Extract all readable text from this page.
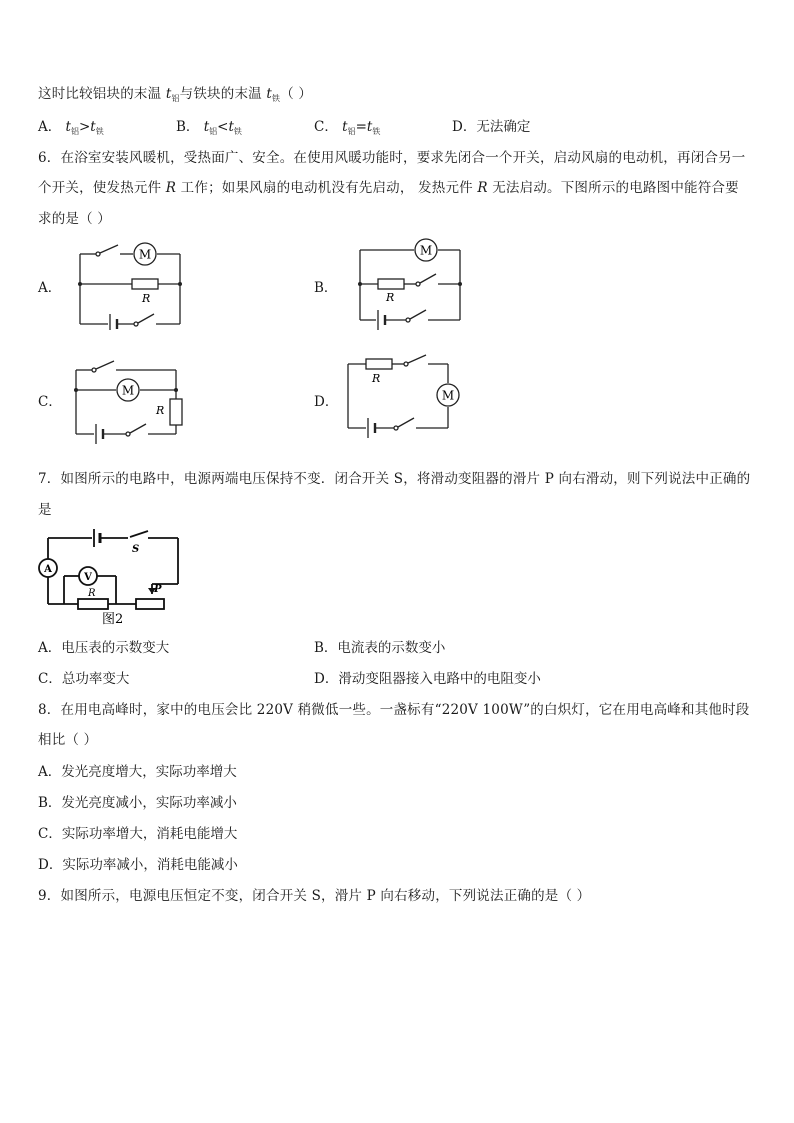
这时比较铝块的末温 $t_铝$与铁块的末温 $t_铁$（ ）
A． $t_铝>t_铁$	B． $t_铝<t_铁$	C． $t_铝=t_铁$	D．无法确定
6．在浴室安装风暖机，受热面广、安全。在使用风暖功能时，要求先闭合一个开关，启动风扇的电动机，再闭合另一
个开关，使发热元件 R 工作；如果风扇的电动机没有先启动， 发热元件 R 无法启动。下图所示的电路图中能符合要
求的是（ ）
A．	B．
C．	D．
M
R
M
R
M
R
M
R
7．如图所示的电路中，电源两端电压保持不变．闭合开关 S，将滑动变阻器的滑片 P 向右滑动，则下列说法中正确的
是
A
V
S
R	P
图2
A．电压表的示数变大	B．电流表的示数变小
C．总功率变大	D．滑动变阻器接入电路中的电阻变小
8．在用电高峰时，家中的电压会比 220V 稍微低一些。一盏标有“220V 100W”的白炽灯，它在用电高峰和其他时段
相比（ ）
A．发光亮度增大，实际功率增大
B．发光亮度减小，实际功率减小
C．实际功率增大，消耗电能增大
D．实际功率减小，消耗电能减小
9．如图所示，电源电压恒定不变，闭合开关 S，滑片 P 向右移动，下列说法正确的是（ ）
